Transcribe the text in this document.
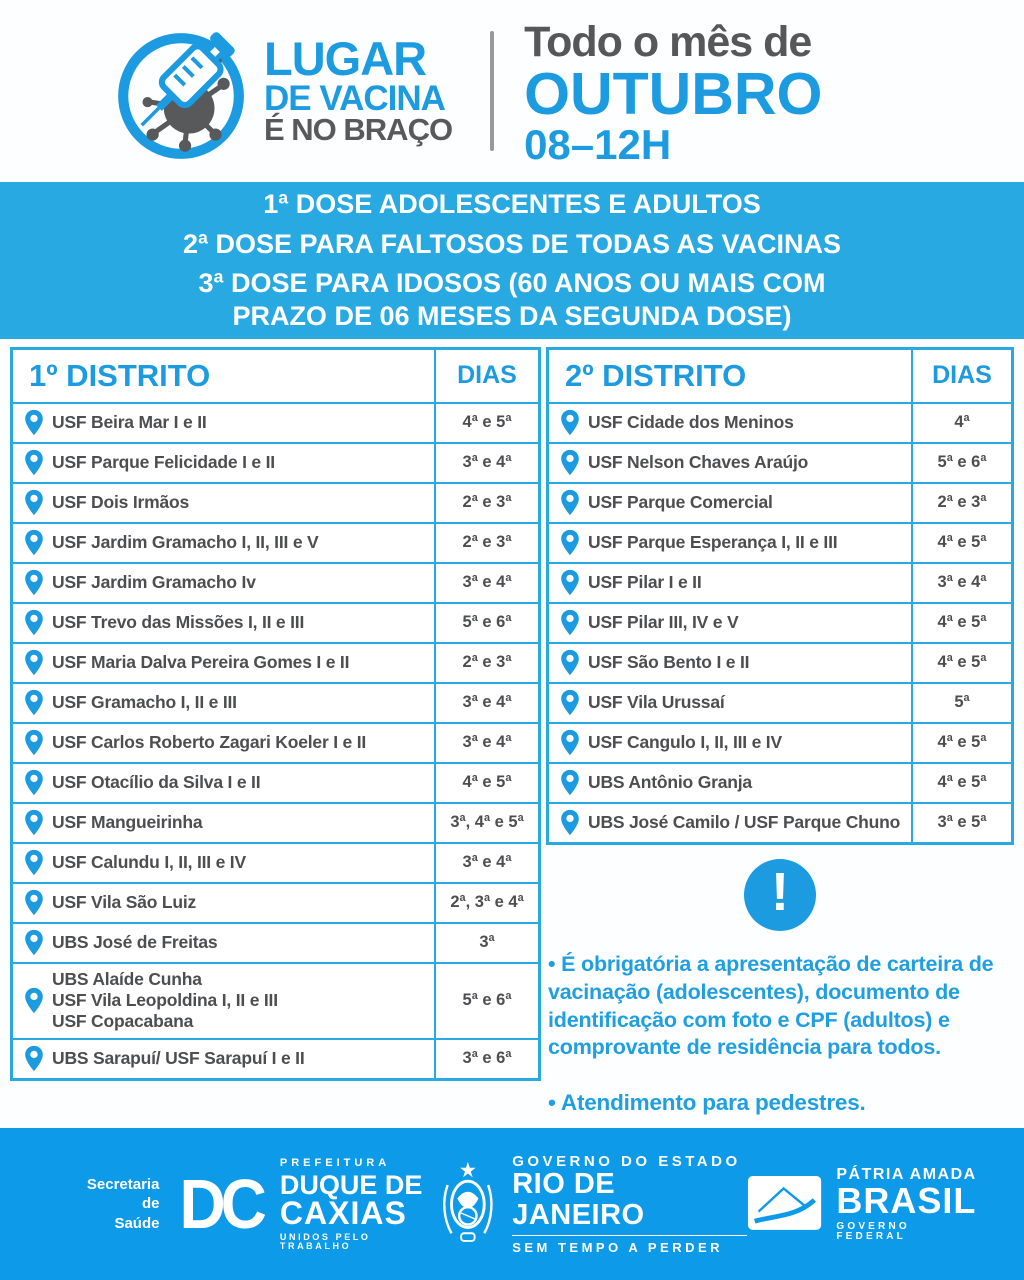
LUGAR
DE VACINA
É NO BRAÇO
Todo o mês de
OUTUBRO
08–12H
1ª DOSE ADOLESCENTES E ADULTOS
2ª DOSE PARA FALTOSOS DE TODAS AS VACINAS
3ª DOSE PARA IDOSOS (60 ANOS OU MAIS COM
PRAZO DE 06 MESES DA SEGUNDA DOSE)
1º DISTRITO	DIAS
USF Beira Mar I e II	4ª e 5ª
USF Parque Felicidade I e II	3ª e 4ª
USF Dois Irmãos	2ª e 3ª
USF Jardim Gramacho I, II, III e V	2ª e 3ª
USF Jardim Gramacho Iv	3ª e 4ª
USF Trevo das Missões I, II e III	5ª e 6ª
USF Maria Dalva Pereira Gomes I e II	2ª e 3ª
USF Gramacho I, II e III	3ª e 4ª
USF Carlos Roberto Zagari Koeler I e II	3ª e 4ª
USF Otacílio da Silva I e II	4ª e 5ª
USF Mangueirinha	3ª, 4ª e 5ª
USF Calundu I, II, III e IV	3ª e 4ª
USF Vila São Luiz	2ª, 3ª e 4ª
UBS José de Freitas	3ª
UBS Alaíde Cunha
USF Vila Leopoldina I, II e III
USF Copacabana
5ª e 6ª
UBS Sarapuí/ USF Sarapuí I e II	3ª e 6ª
2º DISTRITO	DIAS
USF Cidade dos Meninos	4ª
USF Nelson Chaves Araújo	5ª e 6ª
USF Parque Comercial	2ª e 3ª
USF Parque Esperança I, II e III	4ª e 5ª
USF Pilar I e II	3ª e 4ª
USF Pilar III, IV e V	4ª e 5ª
USF São Bento I e II	4ª e 5ª
USF Vila Urussaí	5ª
USF Cangulo I, II, III e IV	4ª e 5ª
UBS Antônio Granja	4ª e 5ª
UBS José Camilo / USF Parque Chuno	3ª e 5ª
!
• É obrigatória a apresentação de carteira de vacinação (adolescentes), documento de identificação com foto e CPF (adultos) e comprovante de residência para todos.
• Atendimento para pedestres.
Secretaria de
Saúde DC
PREFEITURA
DUQUE DE
CAXIAS
UNIDOS PELO TRABALHO
GOVERNO DO ESTADO
RIO DE JANEIRO
SEM TEMPO A PERDER
PÁTRIA AMADA
BRASIL
GOVERNO FEDERAL
